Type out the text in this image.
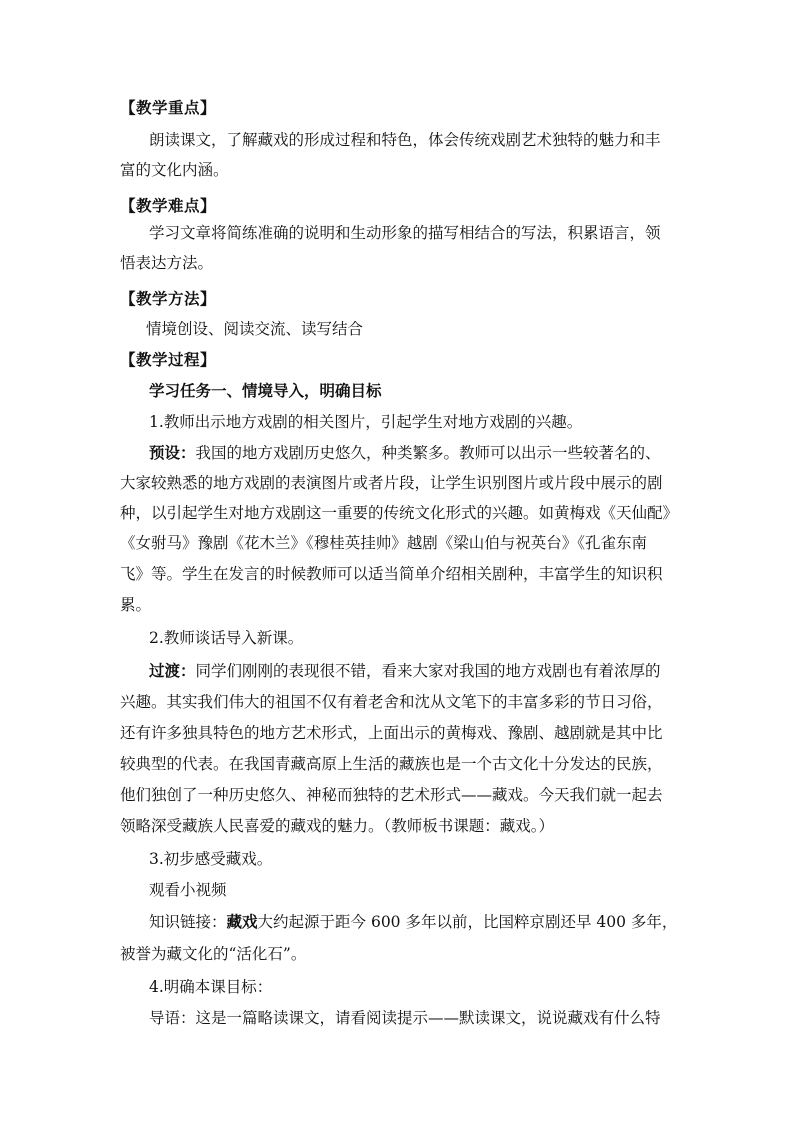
【教学重点】
朗读课文，了解藏戏的形成过程和特色，体会传统戏剧艺术独特的魅力和丰
富的文化内涵。
【教学难点】
学习文章将简练准确的说明和生动形象的描写相结合的写法，积累语言，领
悟表达方法。
【教学方法】
情境创设、阅读交流、读写结合
【教学过程】
学习任务一、情境导入，明确目标
1.教师出示地方戏剧的相关图片，引起学生对地方戏剧的兴趣。
预设：我国的地方戏剧历史悠久，种类繁多。教师可以出示一些较著名的、
大家较熟悉的地方戏剧的表演图片或者片段，让学生识别图片或片段中展示的剧
种，以引起学生对地方戏剧这一重要的传统文化形式的兴趣。如黄梅戏《天仙配》
《女驸马》豫剧《花木兰》《穆桂英挂帅》越剧《梁山伯与祝英台》《孔雀东南
飞》等。学生在发言的时候教师可以适当简单介绍相关剧种，丰富学生的知识积
累。
2.教师谈话导入新课。
过渡：同学们刚刚的表现很不错，看来大家对我国的地方戏剧也有着浓厚的
兴趣。其实我们伟大的祖国不仅有着老舍和沈从文笔下的丰富多彩的节日习俗，
还有许多独具特色的地方艺术形式，上面出示的黄梅戏、豫剧、越剧就是其中比
较典型的代表。在我国青藏高原上生活的藏族也是一个古文化十分发达的民族，
他们独创了一种历史悠久、神秘而独特的艺术形式——藏戏。今天我们就一起去
领略深受藏族人民喜爱的藏戏的魅力。（教师板书课题：藏戏。）
3.初步感受藏戏。
观看小视频
知识链接：藏戏大约起源于距今 600 多年以前，比国粹京剧还早 400 多年，
被誉为藏文化的“活化石”。
4.明确本课目标：
导语：这是一篇略读课文，请看阅读提示——默读课文，说说藏戏有什么特
